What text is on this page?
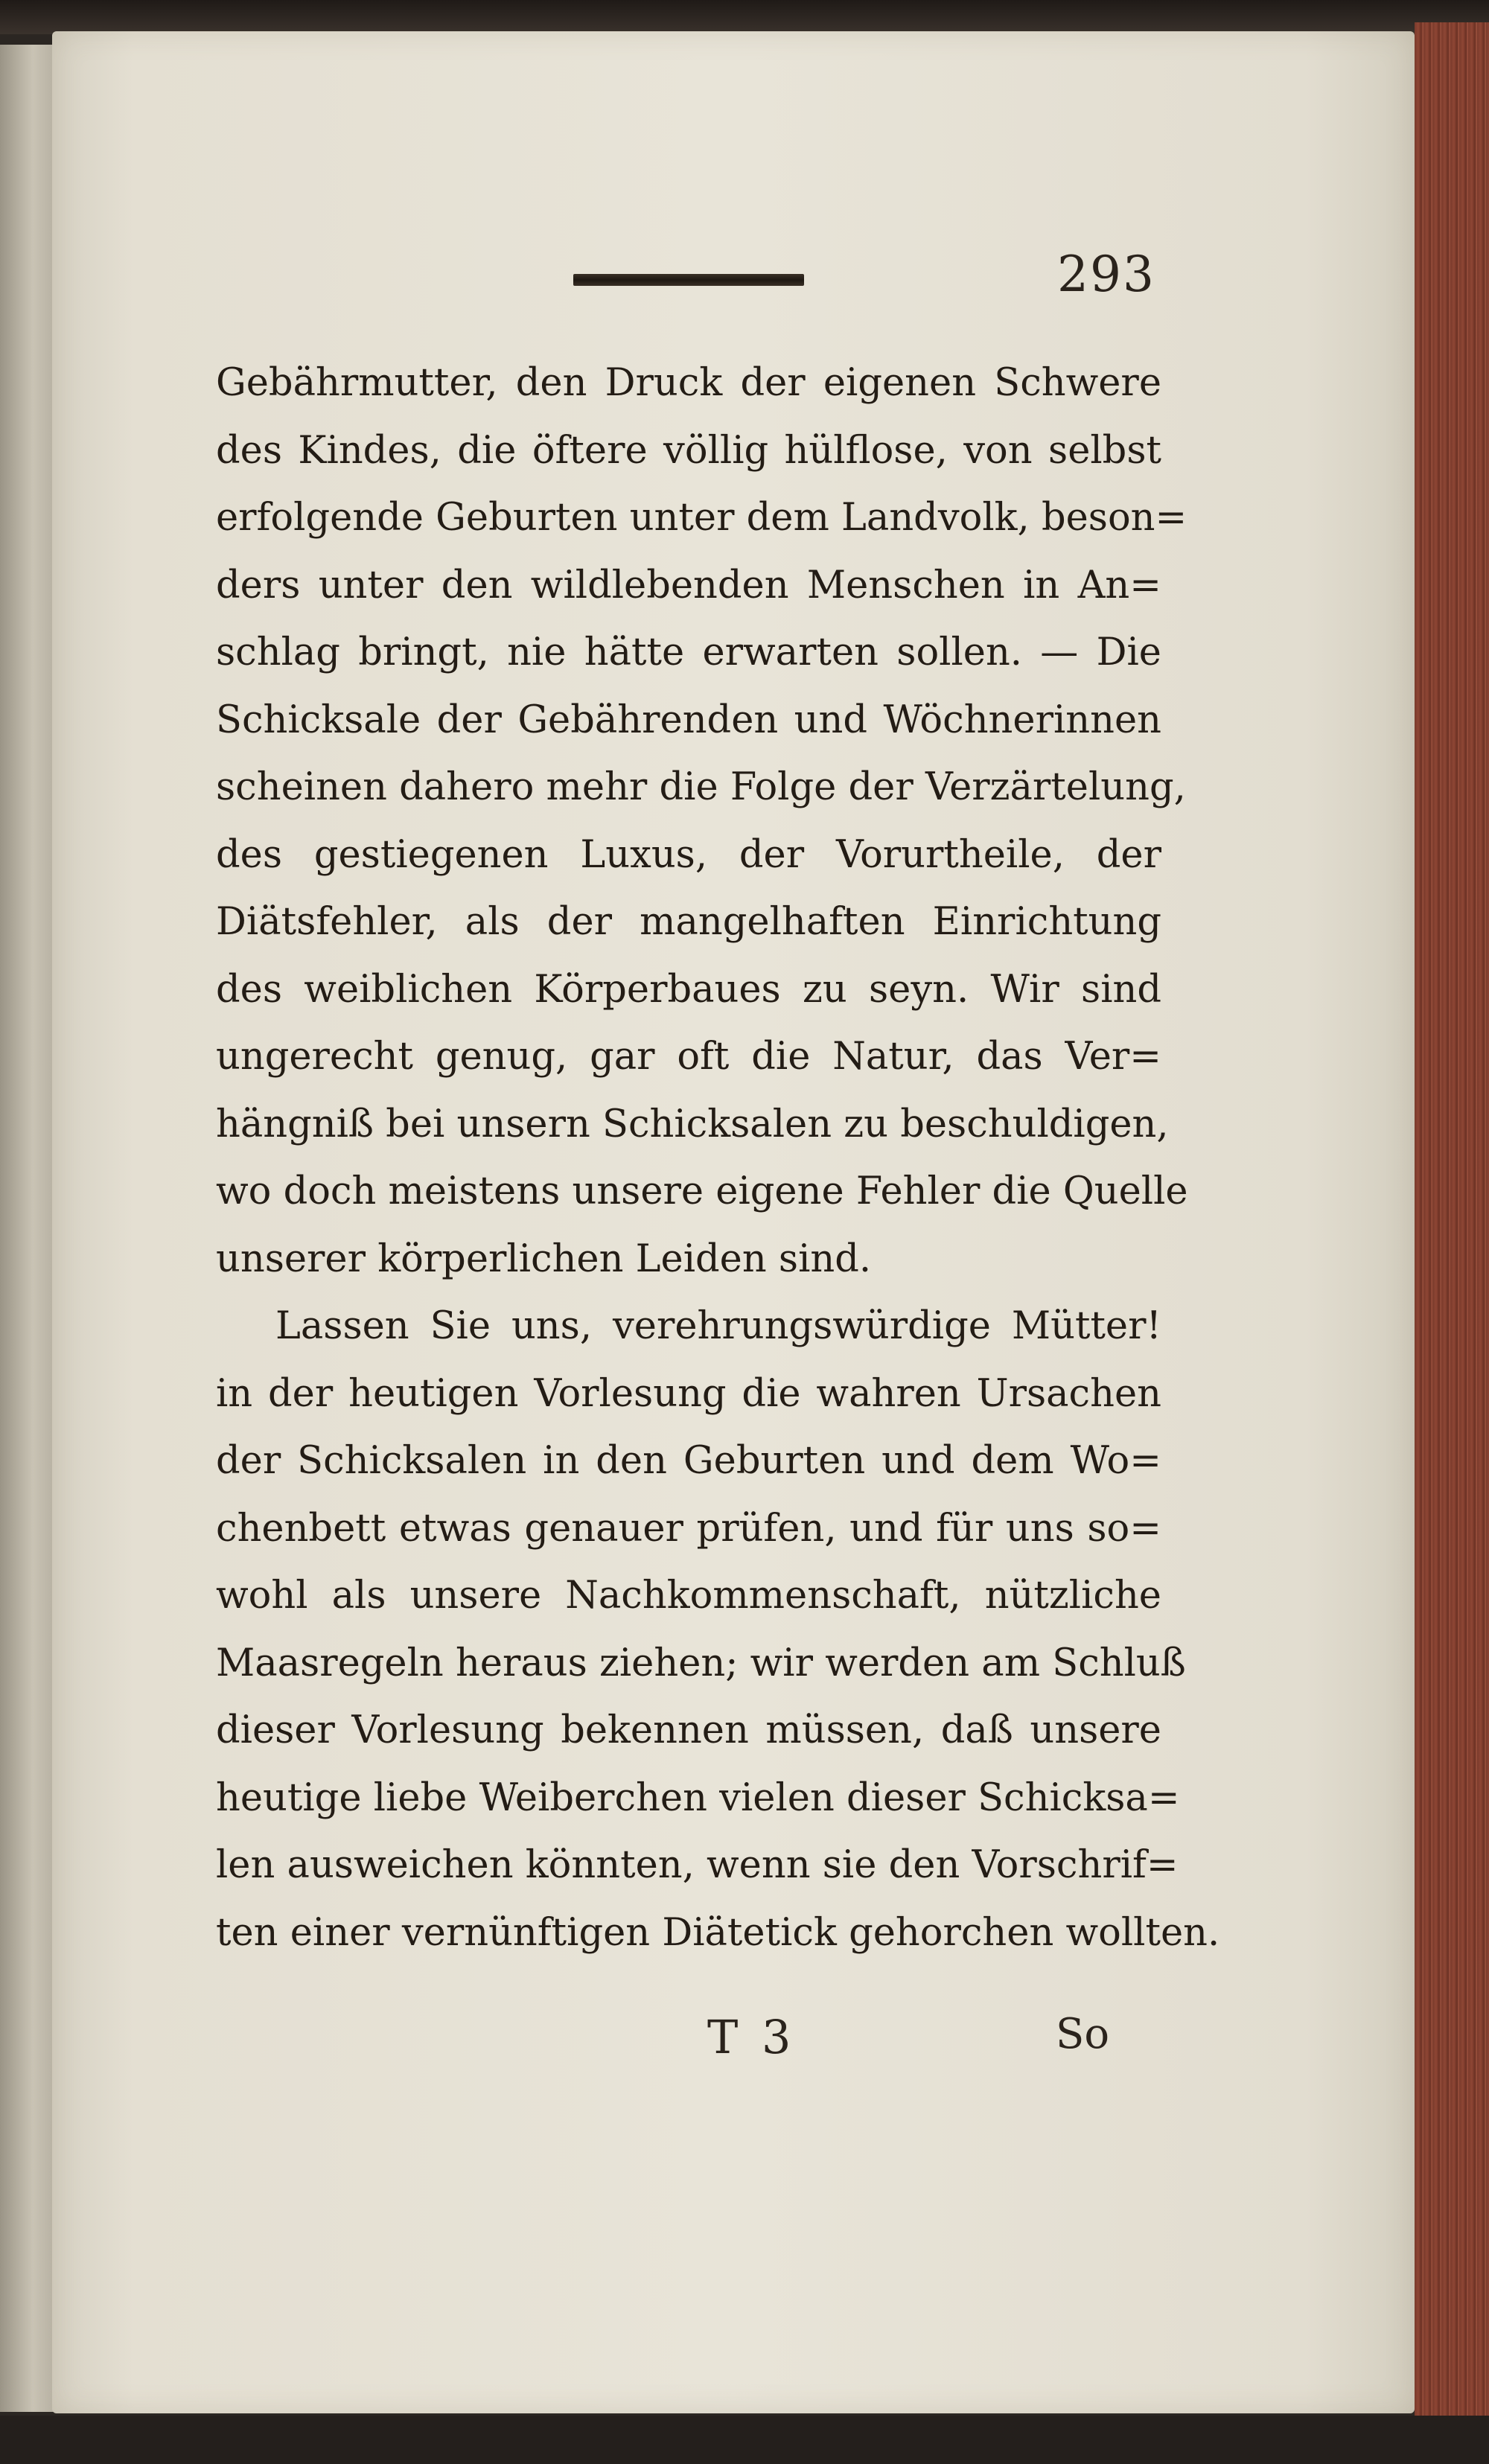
293
Gebährmutter, den Druck der eigenen Schwere
des Kindes, die öftere völlig hülflose, von selbst
erfolgende Geburten unter dem Landvolk, beson=
ders unter den wildlebenden Menschen in An=
schlag bringt, nie hätte erwarten sollen. — Die
Schicksale der Gebährenden und Wöchnerinnen
scheinen dahero mehr die Folge der Verzärtelung,
des gestiegenen Luxus, der Vorurtheile, der
Diätsfehler, als der mangelhaften Einrichtung
des weiblichen Körperbaues zu seyn. Wir sind
ungerecht genug, gar oft die Natur, das Ver=
hängniß bei unsern Schicksalen zu beschuldigen,
wo doch meistens unsere eigene Fehler die Quelle
unserer körperlichen Leiden sind.
Lassen Sie uns, verehrungswürdige Mütter!
in der heutigen Vorlesung die wahren Ursachen
der Schicksalen in den Geburten und dem Wo=
chenbett etwas genauer prüfen, und für uns so=
wohl als unsere Nachkommenschaft, nützliche
Maasregeln heraus ziehen; wir werden am Schluß
dieser Vorlesung bekennen müssen, daß unsere
heutige liebe Weiberchen vielen dieser Schicksa=
len ausweichen könnten, wenn sie den Vorschrif=
ten einer vernünftigen Diätetick gehorchen wollten.
T 3	So
